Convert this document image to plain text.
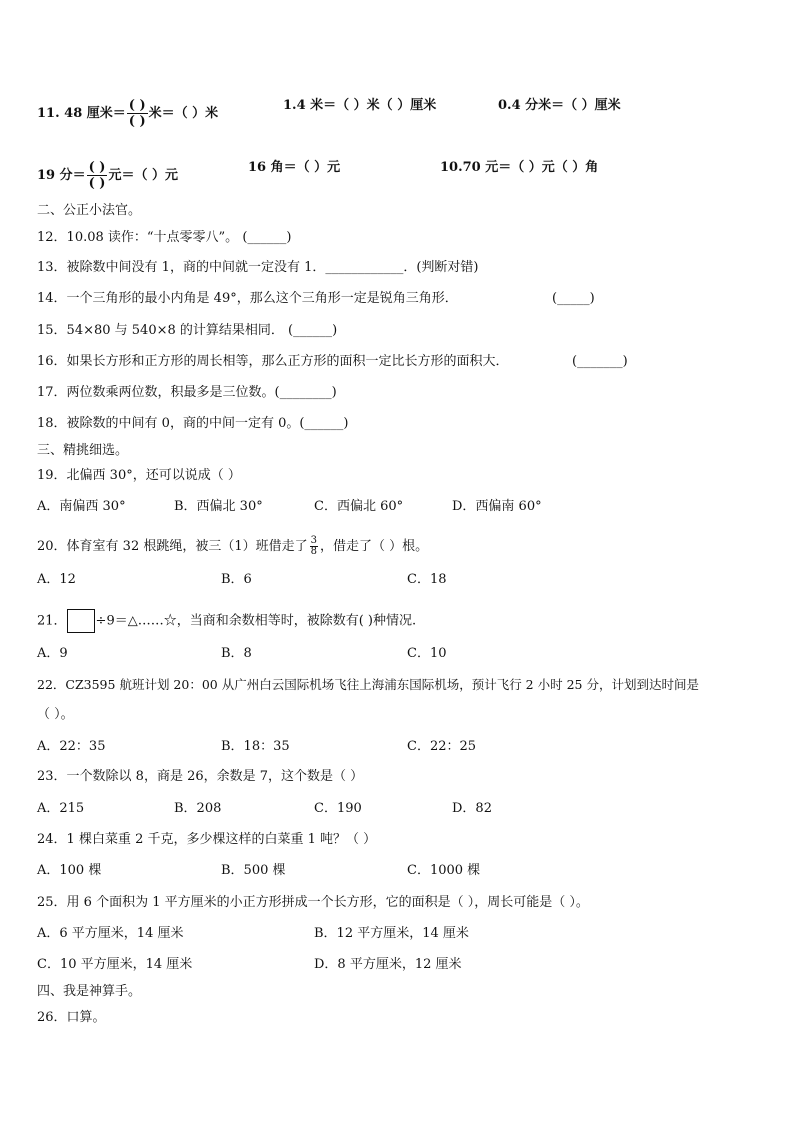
11. 48 厘米＝ $\frac{( )}{( )}$ 米＝（ ）米
1.4 米＝（ ）米（ ）厘米	0.4 分米＝（ ）厘米
19 分＝ $\frac{( )}{( )}$ 元＝（ ）元
16 角＝（ ）元	10.70 元＝（ ）元（ ）角
二、公正小法官。
12．10.08 读作：“十点零零八”。 (______)
13．被除数中间没有 1，商的中间就一定没有 1．____________．(判断对错)
14．一个三角形的最小内角是 49°，那么这个三角形一定是锐角三角形．	(_____)
15．54×80 与 540×8 的计算结果相同． (______)
16．如果长方形和正方形的周长相等，那么正方形的面积一定比长方形的面积大．	(_______)
17．两位数乘两位数，积最多是三位数。(________)
18．被除数的中间有 0，商的中间一定有 0。(______)
三、精挑细选。
19．北偏西 30°，还可以说成（ ）
A．南偏西 30°	B．西偏北 30°	C．西偏北 60°	D．西偏南 60°
20．体育室有 32 根跳绳，被三（1）班借走了 $\frac{3}{8}$ ，借走了（ ）根。
A．12	B．6	C．18
21． ÷9＝△……☆，当商和余数相等时，被除数有( )种情况.
A．9	B．8	C．10
22．CZ3595 航班计划 20：00 从广州白云国际机场飞往上海浦东国际机场，预计飞行 2 小时 25 分，计划到达时间是
（ ）。
A．22：35	B．18：35	C．22：25
23．一个数除以 8，商是 26，余数是 7，这个数是（ ）
A．215	B．208	C．190	D．82
24．1 棵白菜重 2 千克，多少棵这样的白菜重 1 吨？（ ）
A．100 棵	B．500 棵	C．1000 棵
25．用 6 个面积为 1 平方厘米的小正方形拼成一个长方形，它的面积是（ ），周长可能是（ ）。
A．6 平方厘米，14 厘米	B．12 平方厘米，14 厘米
C．10 平方厘米，14 厘米	D．8 平方厘米，12 厘米
四、我是神算手。
26．口算。
